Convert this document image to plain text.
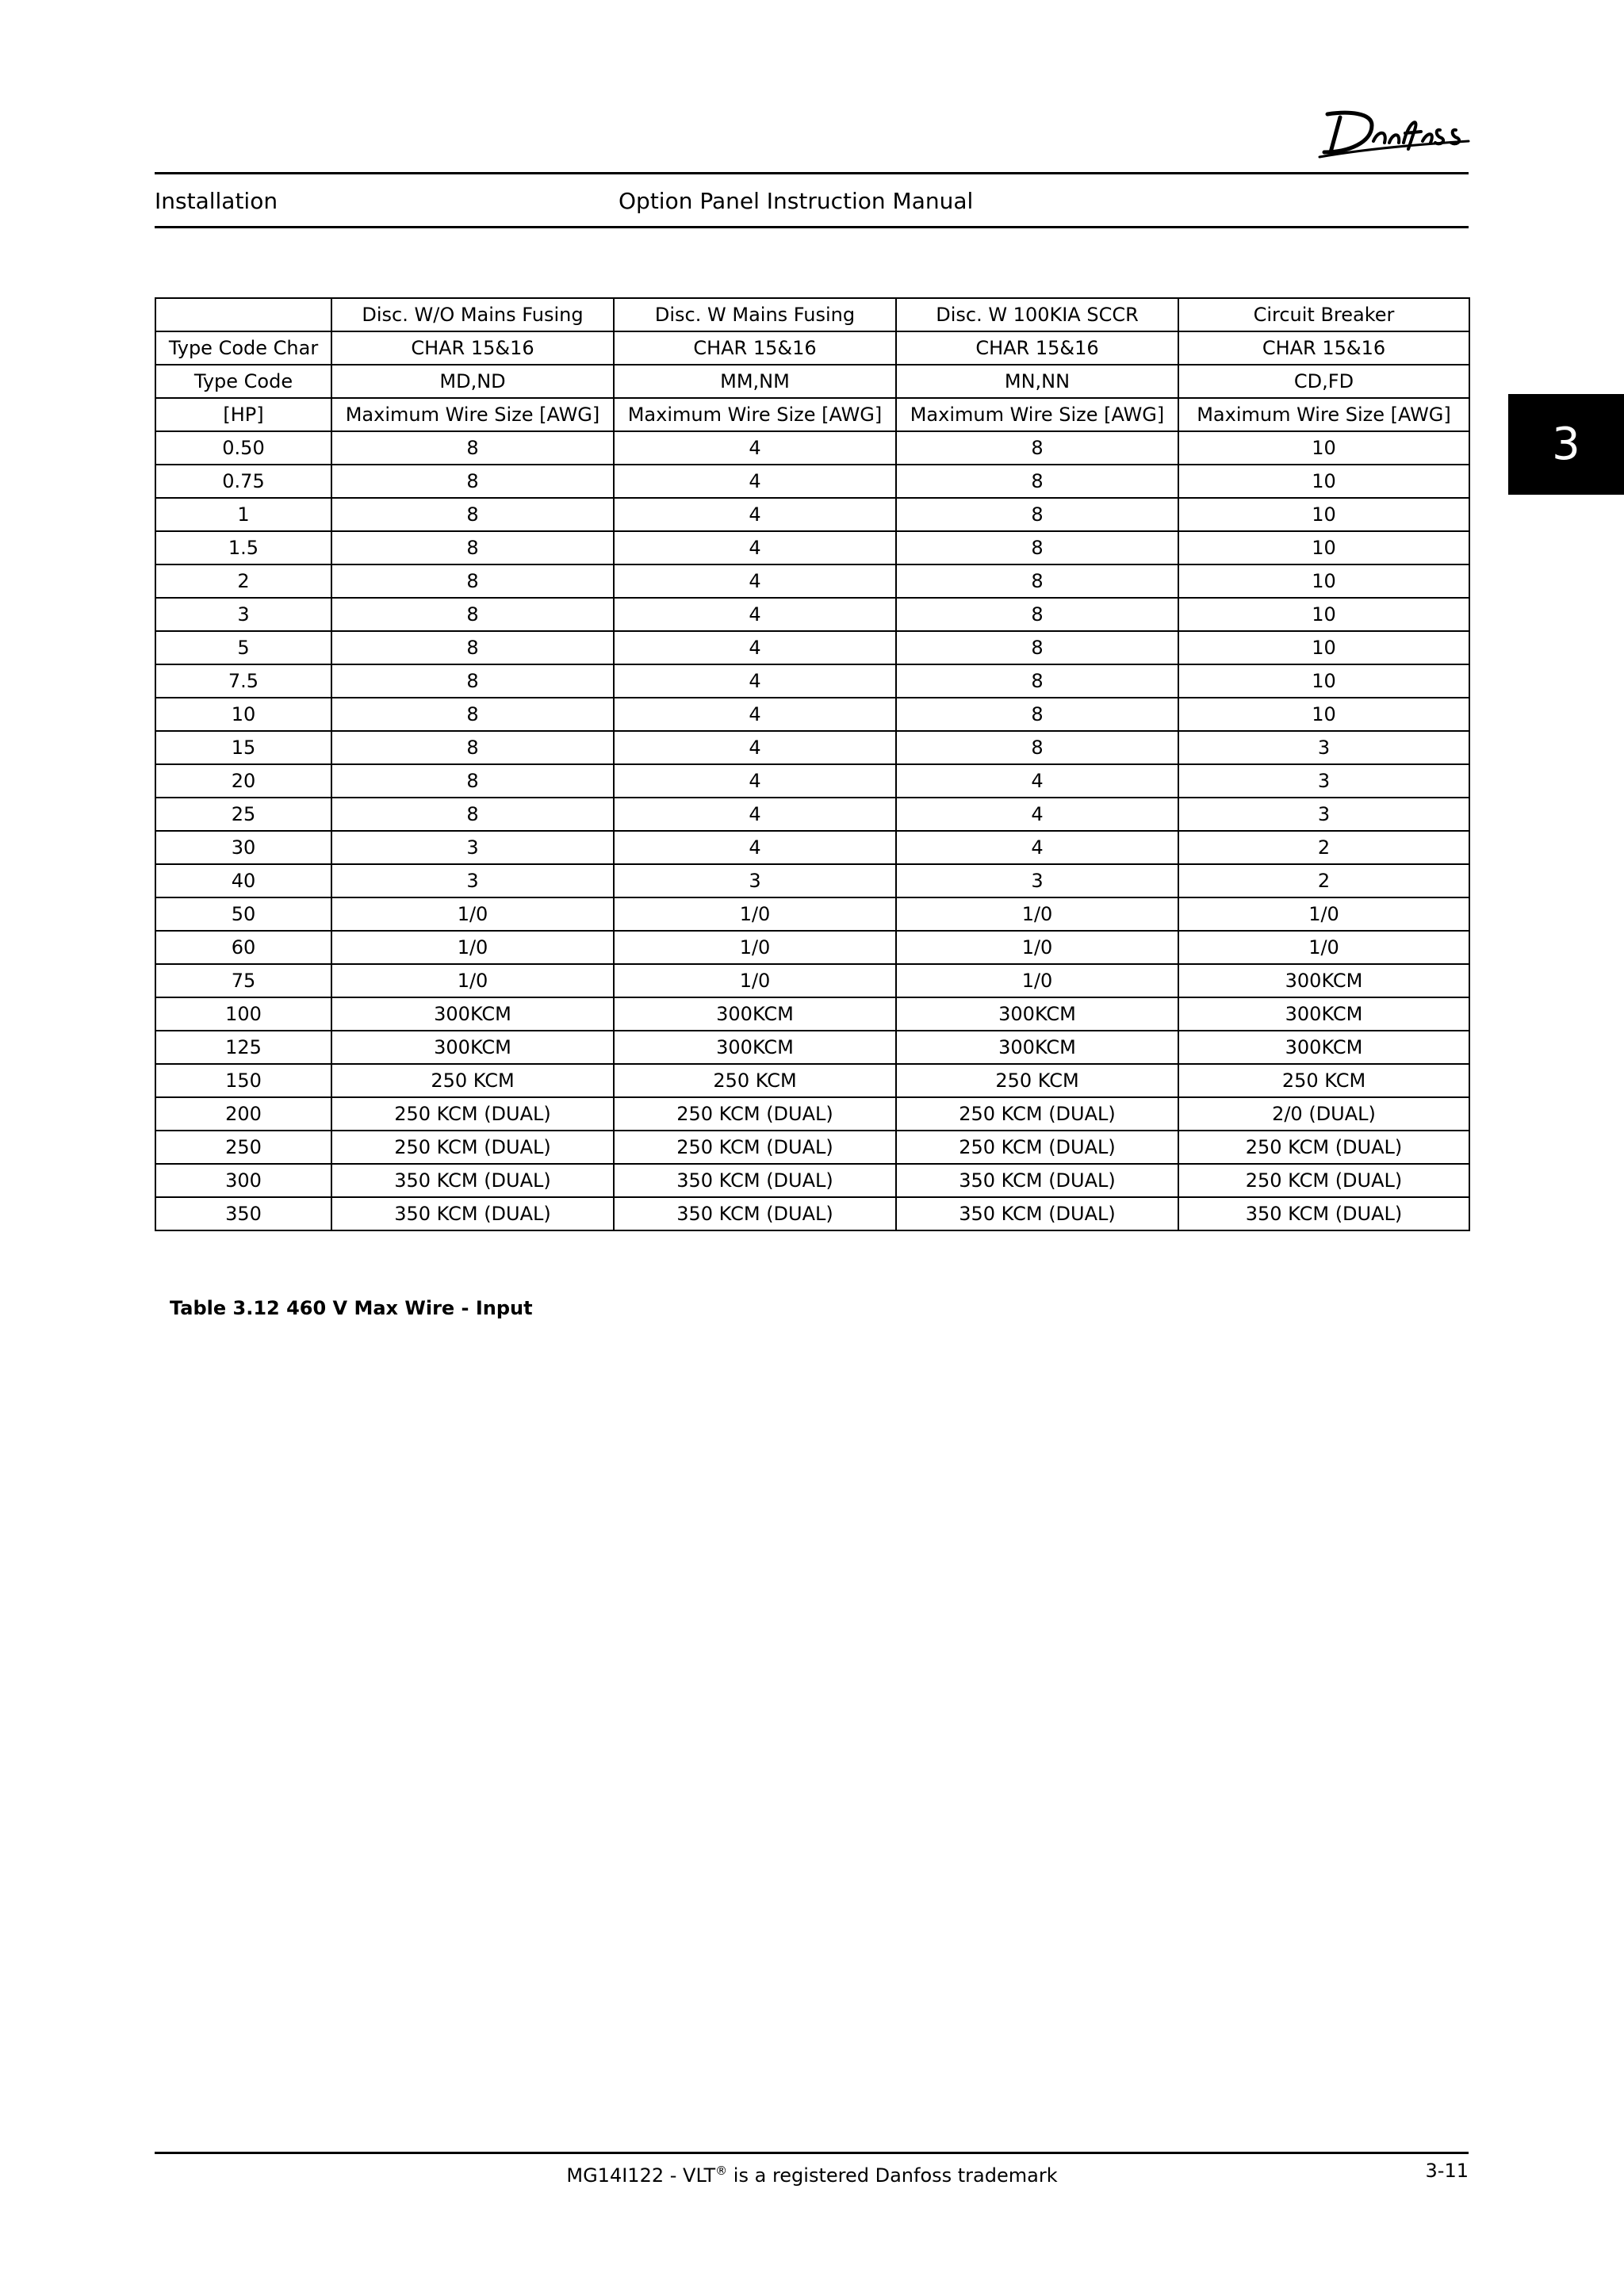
Installation	Option Panel Instruction Manual
3
	Disc. W/O Mains Fusing	Disc. W Mains Fusing	Disc. W 100KIA SCCR	Circuit Breaker
Type Code Char	CHAR 15&16	CHAR 15&16	CHAR 15&16	CHAR 15&16
Type Code	MD,ND	MM,NM	MN,NN	CD,FD
[HP]	Maximum Wire Size [AWG]	Maximum Wire Size [AWG]	Maximum Wire Size [AWG]	Maximum Wire Size [AWG]
0.50	8	4	8	10
0.75	8	4	8	10
1	8	4	8	10
1.5	8	4	8	10
2	8	4	8	10
3	8	4	8	10
5	8	4	8	10
7.5	8	4	8	10
10	8	4	8	10
15	8	4	8	3
20	8	4	4	3
25	8	4	4	3
30	3	4	4	2
40	3	3	3	2
50	1/0	1/0	1/0	1/0
60	1/0	1/0	1/0	1/0
75	1/0	1/0	1/0	300KCM
100	300KCM	300KCM	300KCM	300KCM
125	300KCM	300KCM	300KCM	300KCM
150	250 KCM	250 KCM	250 KCM	250 KCM
200	250 KCM (DUAL)	250 KCM (DUAL)	250 KCM (DUAL)	2/0 (DUAL)
250	250 KCM (DUAL)	250 KCM (DUAL)	250 KCM (DUAL)	250 KCM (DUAL)
300	350 KCM (DUAL)	350 KCM (DUAL)	350 KCM (DUAL)	250 KCM (DUAL)
350	350 KCM (DUAL)	350 KCM (DUAL)	350 KCM (DUAL)	350 KCM (DUAL)
Table 3.12 460 V Max Wire - Input
MG14I122 - VLT® is a registered Danfoss trademark	3-11
